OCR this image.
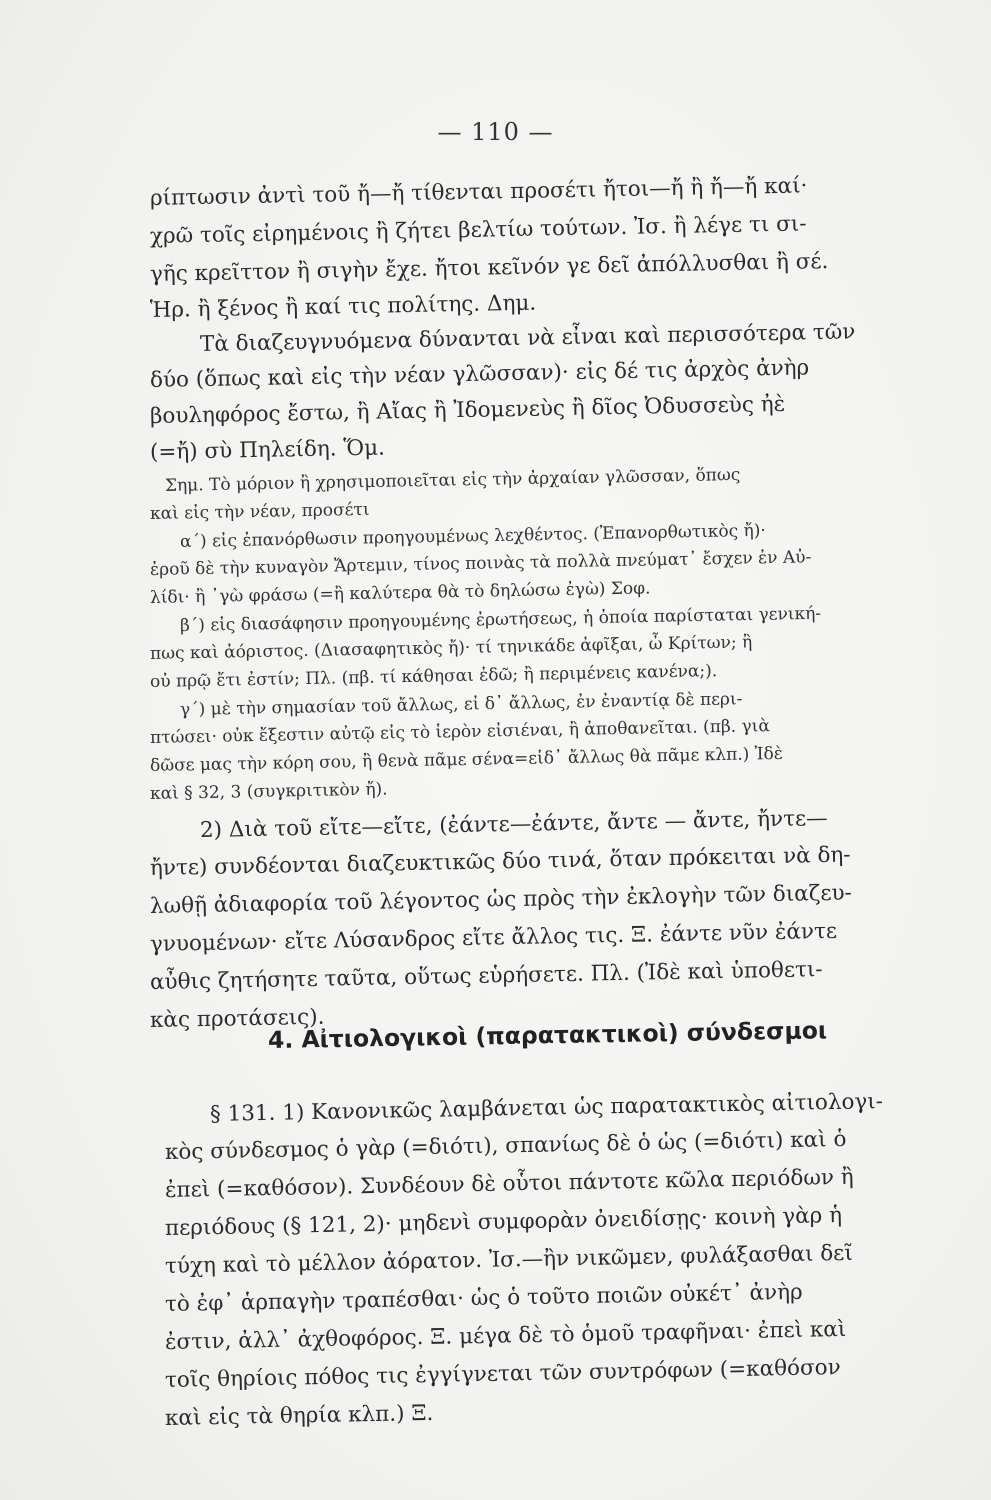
— 110 —
ρίπτωσιν ἀντὶ τοῦ ἤ—ἤ τίθενται προσέτι ἤτοι—ἤ ἢ ἤ—ἤ καί·
χρῶ τοῖς εἰρημένοις ἢ ζήτει βελτίω τούτων. Ἰσ. ἢ λέγε τι σι-
γῆς κρεῖττον ἢ σιγὴν ἔχε. ἤτοι κεῖνόν γε δεῖ ἀπόλλυσθαι ἢ σέ.
Ἡρ. ἢ ξένος ἢ καί τις πολίτης. Δημ.
Τὰ διαζευγνυόμενα δύνανται νὰ εἶναι καὶ περισσότερα τῶν
δύο (ὅπως καὶ εἰς τὴν νέαν γλῶσσαν)· εἰς δέ τις ἀρχὸς ἀνὴρ
βουληφόρος ἔστω, ἢ Αἴας ἢ Ἰδομενεὺς ἢ δῖος Ὀδυσσεὺς ἠὲ
(=ἤ) σὺ Πηλείδη. Ὅμ.
Σημ. Τὸ μόριον ἢ χρησιμοποιεῖται εἰς τὴν ἀρχαίαν γλῶσσαν, ὅπως
καὶ εἰς τὴν νέαν, προσέτι
α΄) εἰς ἐπανόρθωσιν προηγουμένως λεχθέντος. (Ἐπανορθωτικὸς ἤ)·
ἐροῦ δὲ τὴν κυναγὸν Ἄρτεμιν, τίνος ποινὰς τὰ πολλὰ πνεύματ᾽ ἔσχεν ἐν Αὐ-
λίδι· ἢ ᾽γὼ φράσω (=ἢ καλύτερα θὰ τὸ δηλώσω ἐγὼ) Σοφ.
β΄) εἰς διασάφησιν προηγουμένης ἐρωτήσεως, ἡ ὁποία παρίσταται γενική-
πως καὶ ἀόριστος. (Διασαφητικὸς ἤ)· τί τηνικάδε ἀφῖξαι, ὦ Κρίτων; ἢ
οὐ πρῷ ἔτι ἐστίν; Πλ. (πβ. τί κάθησαι ἐδῶ; ἢ περιμένεις κανένα;).
γ΄) μὲ τὴν σημασίαν τοῦ ἄλλως, εἰ δ᾽ ἄλλως, ἐν ἐναντίᾳ δὲ περι-
πτώσει· οὐκ ἔξεστιν αὐτῷ εἰς τὸ ἱερὸν εἰσιέναι, ἢ ἀποθανεῖται. (πβ. γιὰ
δῶσε μας τὴν κόρη σου, ἢ θενὰ πᾶμε σένα=εἰδ᾽ ἄλλως θὰ πᾶμε κλπ.) Ἰδὲ
καὶ § 32, 3 (συγκριτικὸν ἤ).
2) Διὰ τοῦ εἴτε—εἴτε, (ἐάντε—ἐάντε, ἄντε — ἄντε, ἤντε—
ἤντε) συνδέονται διαζευκτικῶς δύο τινά, ὅταν πρόκειται νὰ δη-
λωθῇ ἀδιαφορία τοῦ λέγοντος ὡς πρὸς τὴν ἐκλογὴν τῶν διαζευ-
γνυομένων· εἴτε Λύσανδρος εἴτε ἄλλος τις. Ξ. ἐάντε νῦν ἐάντε
αὖθις ζητήσητε ταῦτα, οὕτως εὑρήσετε. Πλ. (Ἰδὲ καὶ ὑποθετι-
κὰς προτάσεις).
4. Αἰτιολογικοὶ (παρατακτικοὶ) σύνδεσμοι
§ 131. 1) Κανονικῶς λαμβάνεται ὡς παρατακτικὸς αἰτιολογι-
κὸς σύνδεσμος ὁ γὰρ (=διότι), σπανίως δὲ ὁ ὡς (=διότι) καὶ ὁ
ἐπεὶ (=καθόσον). Συνδέουν δὲ οὗτοι πάντοτε κῶλα περιόδων ἢ
περιόδους (§ 121, 2)· μηδενὶ συμφορὰν ὀνειδίσῃς· κοινὴ γὰρ ἡ
τύχη καὶ τὸ μέλλον ἀόρατον. Ἰσ.—ἢν νικῶμεν, φυλάξασθαι δεῖ
τὸ ἐφ᾽ ἁρπαγὴν τραπέσθαι· ὡς ὁ τοῦτο ποιῶν οὐκέτ᾽ ἀνὴρ
ἐστιν, ἀλλ᾽ ἀχθοφόρος. Ξ. μέγα δὲ τὸ ὁμοῦ τραφῆναι· ἐπεὶ καὶ
τοῖς θηρίοις πόθος τις ἐγγίγνεται τῶν συντρόφων (=καθόσον
καὶ εἰς τὰ θηρία κλπ.) Ξ.
